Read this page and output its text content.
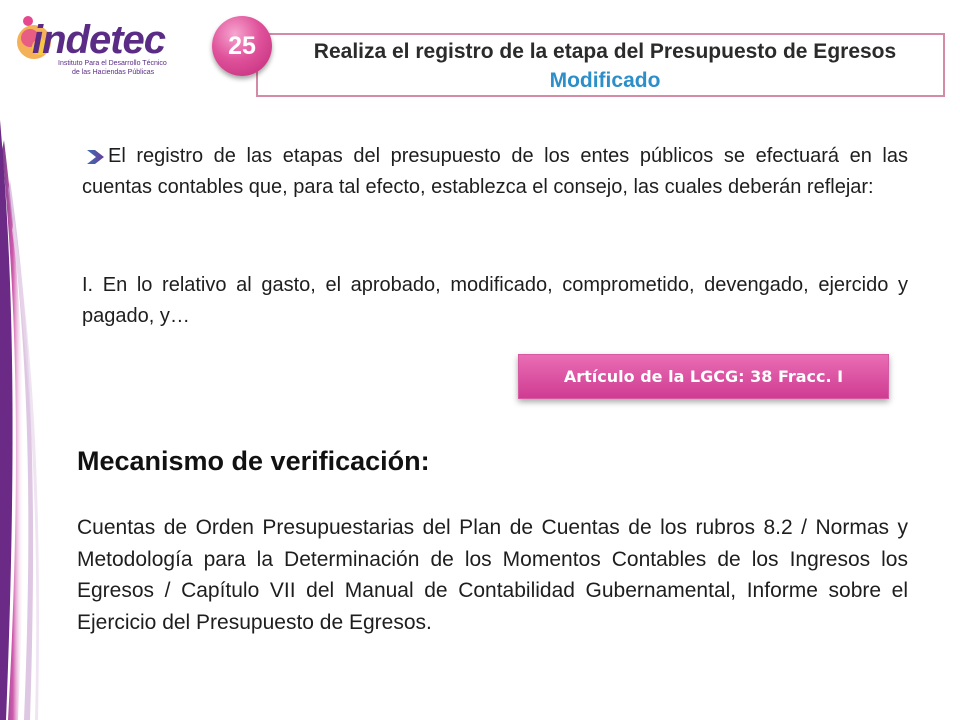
indetec
Instituto Para el Desarrollo Técnico
de las Haciendas Públicas
Realiza el registro de la etapa del Presupuesto de Egresos Modificado
25

El registro de las etapas del presupuesto de los entes públicos se efectuará en las cuentas contables que, para tal efecto, establezca el consejo, las cuales deberán reflejar:

I. En lo relativo al gasto, el aprobado, modificado, comprometido, devengado, ejercido y pagado, y…

Artículo de la LGCG: 38 Fracc. I
Mecanismo de verificación:

Cuentas de Orden Presupuestarias del Plan de Cuentas de los rubros 8.2 / Normas y Metodología para la Determinación de los Momentos Contables de los Ingresos los Egresos / Capítulo VII del Manual de Contabilidad Gubernamental, Informe sobre el Ejercicio del Presupuesto de Egresos.
